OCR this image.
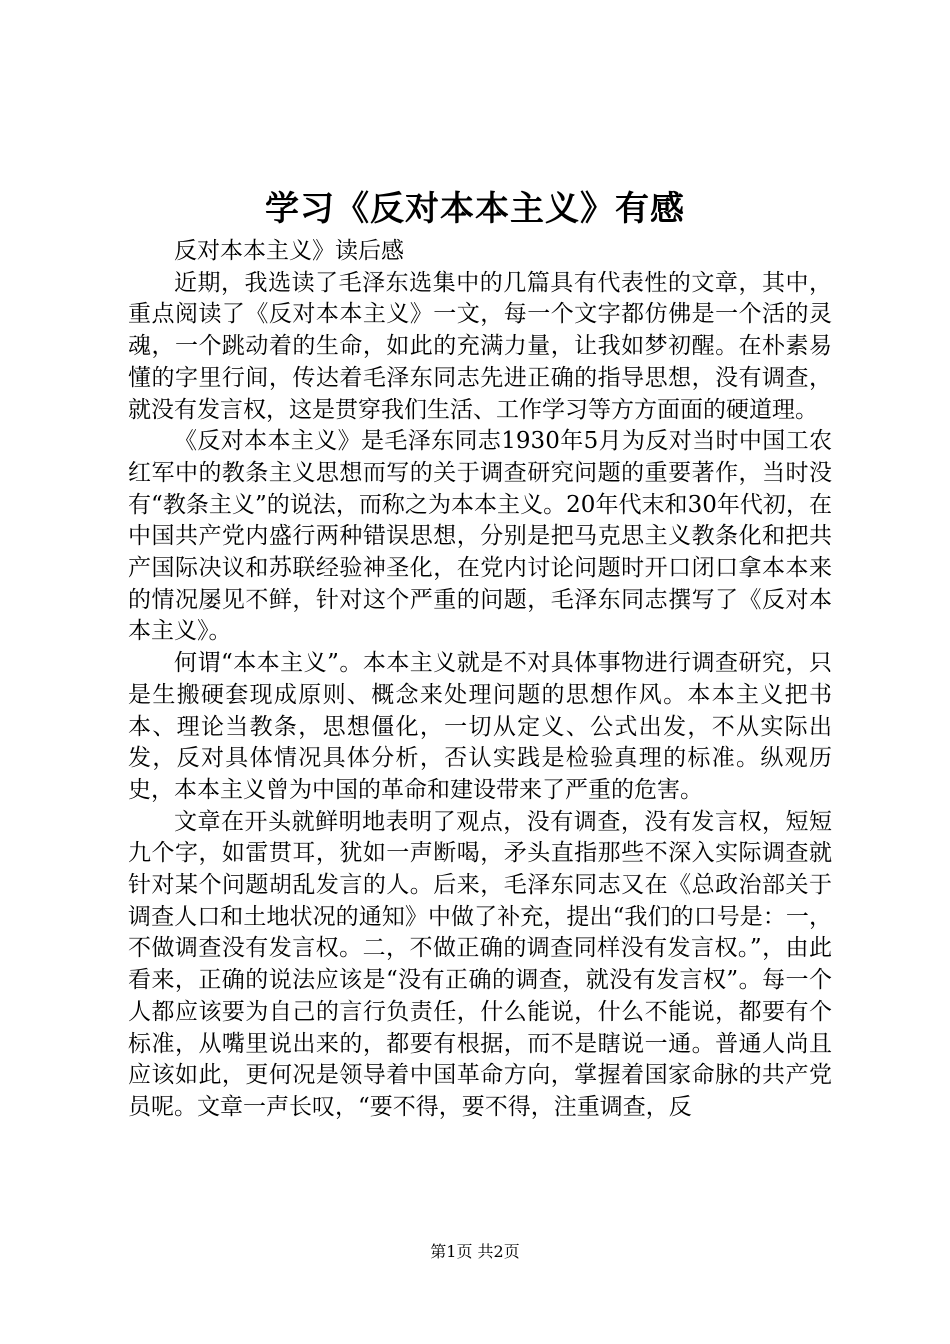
学习《反对本本主义》有感

反对本本主义》读后感

近期，我选读了毛泽东选集中的几篇具有代表性的文章，其中，重点阅读了《反对本本主义》一文，每一个文字都仿佛是一个活的灵魂，一个跳动着的生命，如此的充满力量，让我如梦初醒。在朴素易懂的字里行间，传达着毛泽东同志先进正确的指导思想，没有调查，就没有发言权，这是贯穿我们生活、工作学习等方方面面的硬道理。

《反对本本主义》是毛泽东同志1930年5月为反对当时中国工农红军中的教条主义思想而写的关于调查研究问题的重要著作，当时没有“教条主义”的说法，而称之为本本主义。20年代末和30年代初，在中国共产党内盛行两种错误思想，分别是把马克思主义教条化和把共产国际决议和苏联经验神圣化，在党内讨论问题时开口闭口拿本本来的情况屡见不鲜，针对这个严重的问题，毛泽东同志撰写了《反对本本主义》。

何谓“本本主义”。本本主义就是不对具体事物进行调查研究，只是生搬硬套现成原则、概念来处理问题的思想作风。本本主义把书本、理论当教条，思想僵化，一切从定义、公式出发，不从实际出发，反对具体情况具体分析，否认实践是检验真理的标准。纵观历史，本本主义曾为中国的革命和建设带来了严重的危害。

文章在开头就鲜明地表明了观点，没有调查，没有发言权，短短九个字，如雷贯耳，犹如一声断喝，矛头直指那些不深入实际调查就针对某个问题胡乱发言的人。后来，毛泽东同志又在《总政治部关于调查人口和土地状况的通知》中做了补充，提出“我们的口号是：一，不做调查没有发言权。二，不做正确的调查同样没有发言权。”，由此看来，正确的说法应该是“没有正确的调查，就没有发言权”。每一个人都应该要为自己的言行负责任，什么能说，什么不能说，都要有个标准，从嘴里说出来的，都要有根据，而不是瞎说一通。普通人尚且应该如此，更何况是领导着中国革命方向，掌握着国家命脉的共产党员呢。文章一声长叹，“要不得，要不得，注重调查，反

第1页 共2页
